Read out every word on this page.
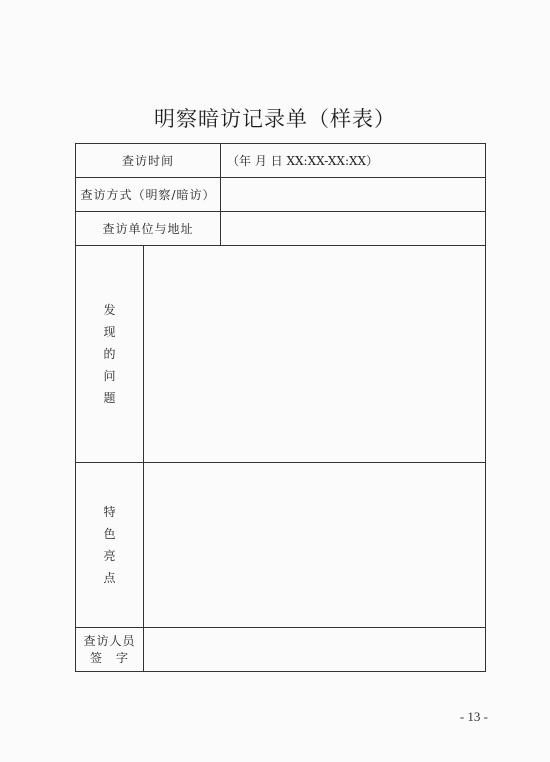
明察暗访记录单（样表）
查访时间		（年 月 日 XX:XX-XX:XX）
查访方式（明察/暗访）		
查访单位与地址		

发
现
的
问
题		

特
色
亮
点		

查访人员
签　字		

- 13 -
